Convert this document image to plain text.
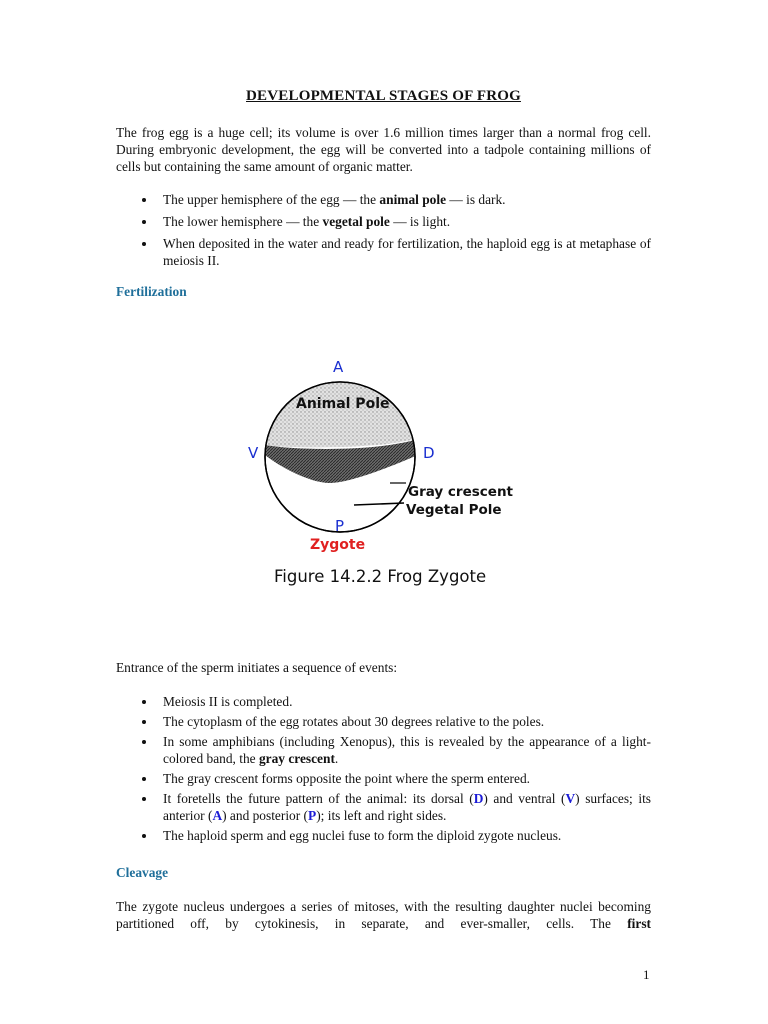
DEVELOPMENTAL STAGES OF FROG

The frog egg is a huge cell; its volume is over 1.6 million times larger than a normal frog cell. During embryonic development, the egg will be converted into a tadpole containing millions of cells but containing the same amount of organic matter.

The upper hemisphere of the egg — the animal pole — is dark.
The lower hemisphere — the vegetal pole — is light.
When deposited in the water and ready for fertilization, the haploid egg is at metaphase of meiosis II.
Fertilization

Entrance of the sperm initiates a sequence of events:

Meiosis II is completed.
The cytoplasm of the egg rotates about 30 degrees relative to the poles.
In some amphibians (including Xenopus), this is revealed by the appearance of a light-colored band, the gray crescent.
The gray crescent forms opposite the point where the sperm entered.
It foretells the future pattern of the animal: its dorsal (D) and ventral (V) surfaces; its anterior (A) and posterior (P); its left and right sides.
The haploid sperm and egg nuclei fuse to form the diploid zygote nucleus.
Cleavage

The zygote nucleus undergoes a series of mitoses, with the resulting daughter nuclei becoming partitioned off, by cytokinesis, in separate, and ever-smaller, cells. The first

A
Animal Pole
V	D
Gray crescent
Vegetal Pole
P
Zygote
Figure 14.2.2 Frog Zygote
1
